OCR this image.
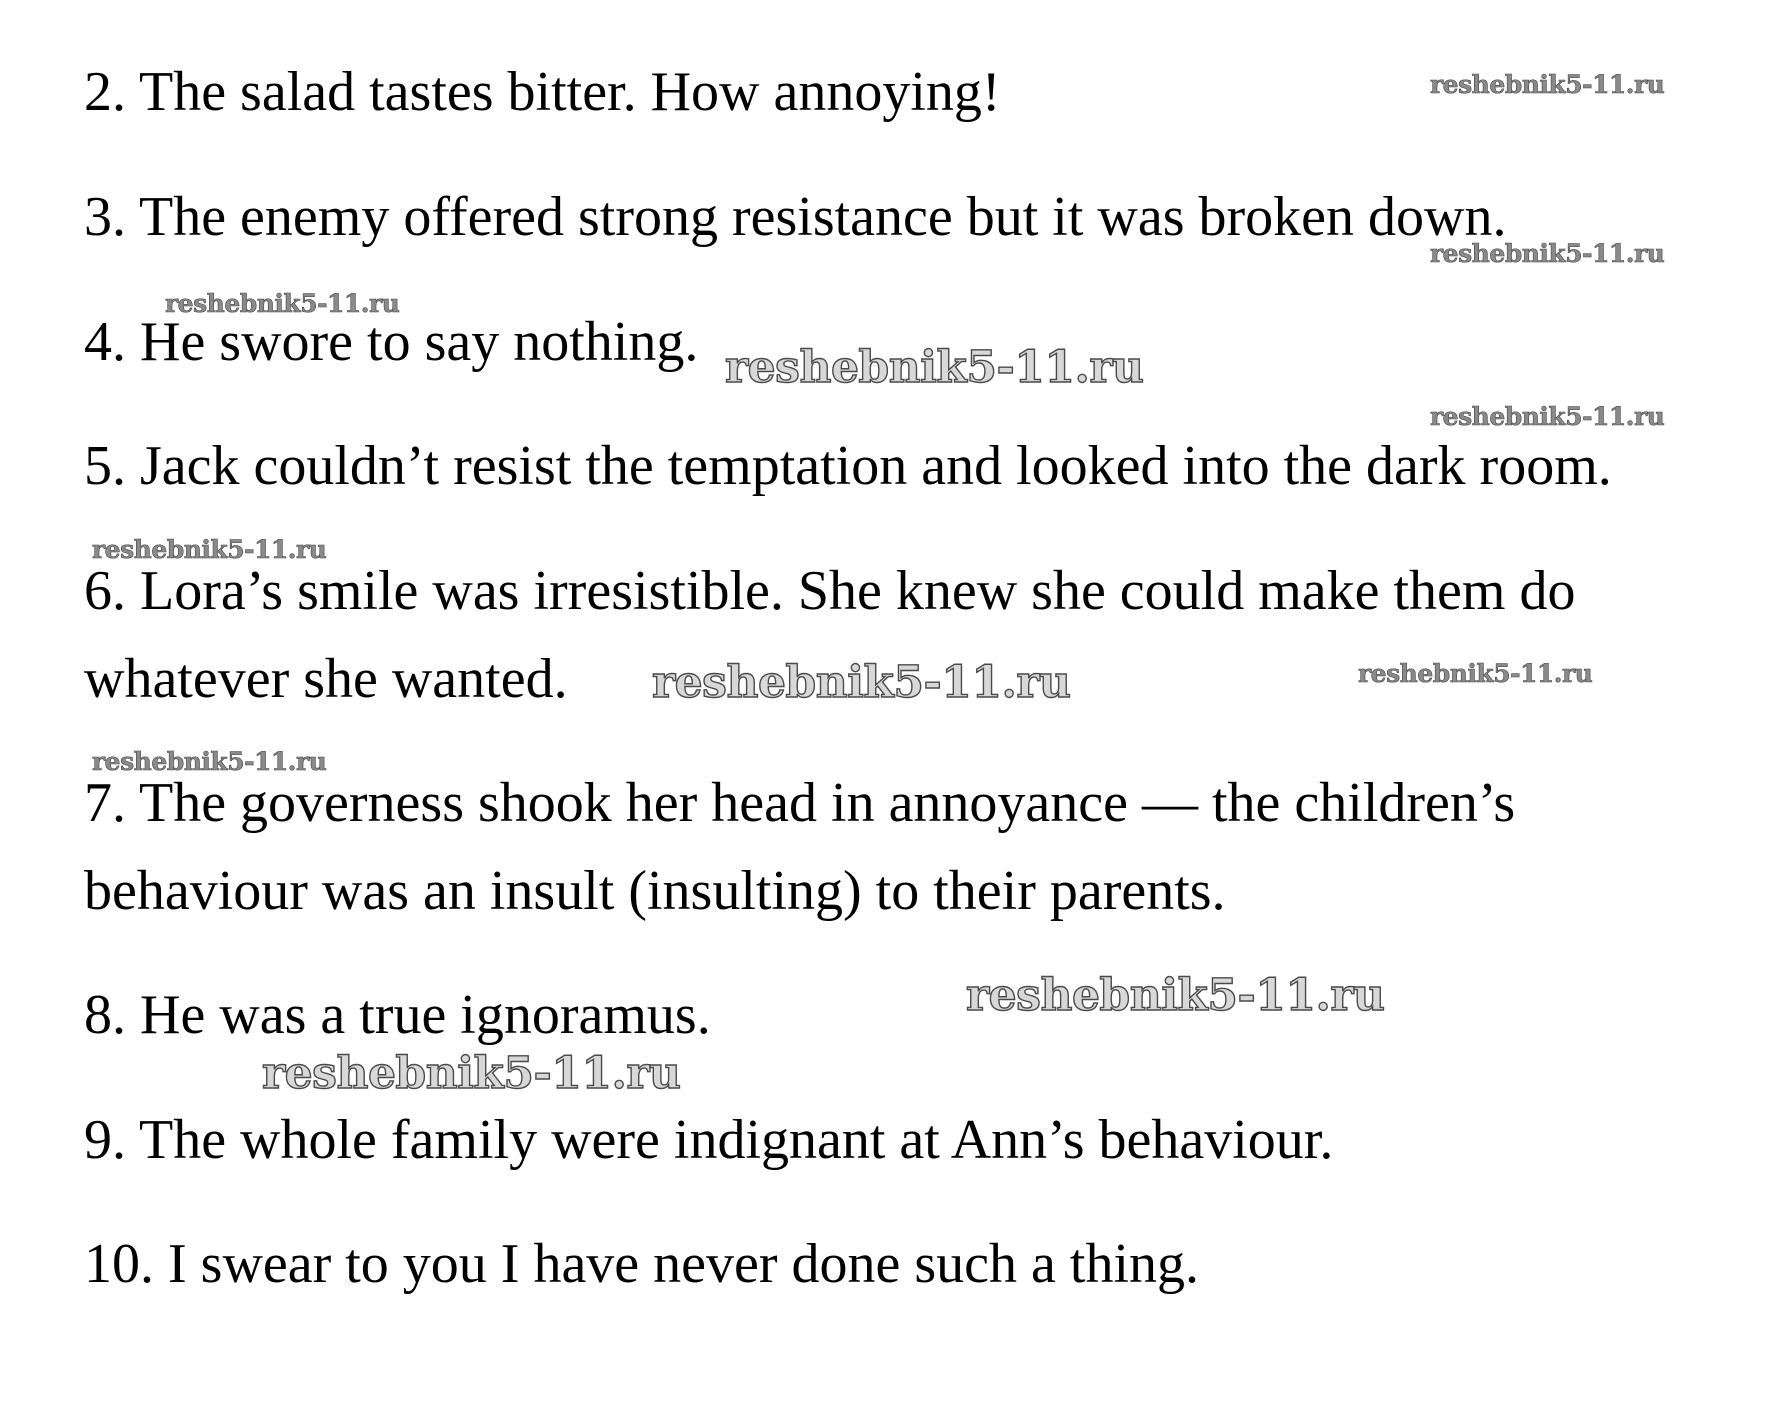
2. The salad tastes bitter. How annoying!

3. The enemy offered strong resistance but it was broken down.

4. He swore to say nothing.

5. Jack couldn’t resist the temptation and looked into the dark room.

6. Lora’s smile was irresistible. She knew she could make them do

whatever she wanted.

7. The governess shook her head in annoyance — the children’s

behaviour was an insult (insulting) to their parents.

8. He was a true ignoramus.

9. The whole family were indignant at Ann’s behaviour.

10. I swear to you I have never done such a thing.

reshebnik5-11.ru
reshebnik5-11.ru
reshebnik5-11.ru
reshebnik5-11.ru
reshebnik5-11.ru
reshebnik5-11.ru
reshebnik5-11.ru	reshebnik5-11.ru
reshebnik5-11.ru
reshebnik5-11.ru
reshebnik5-11.ru
